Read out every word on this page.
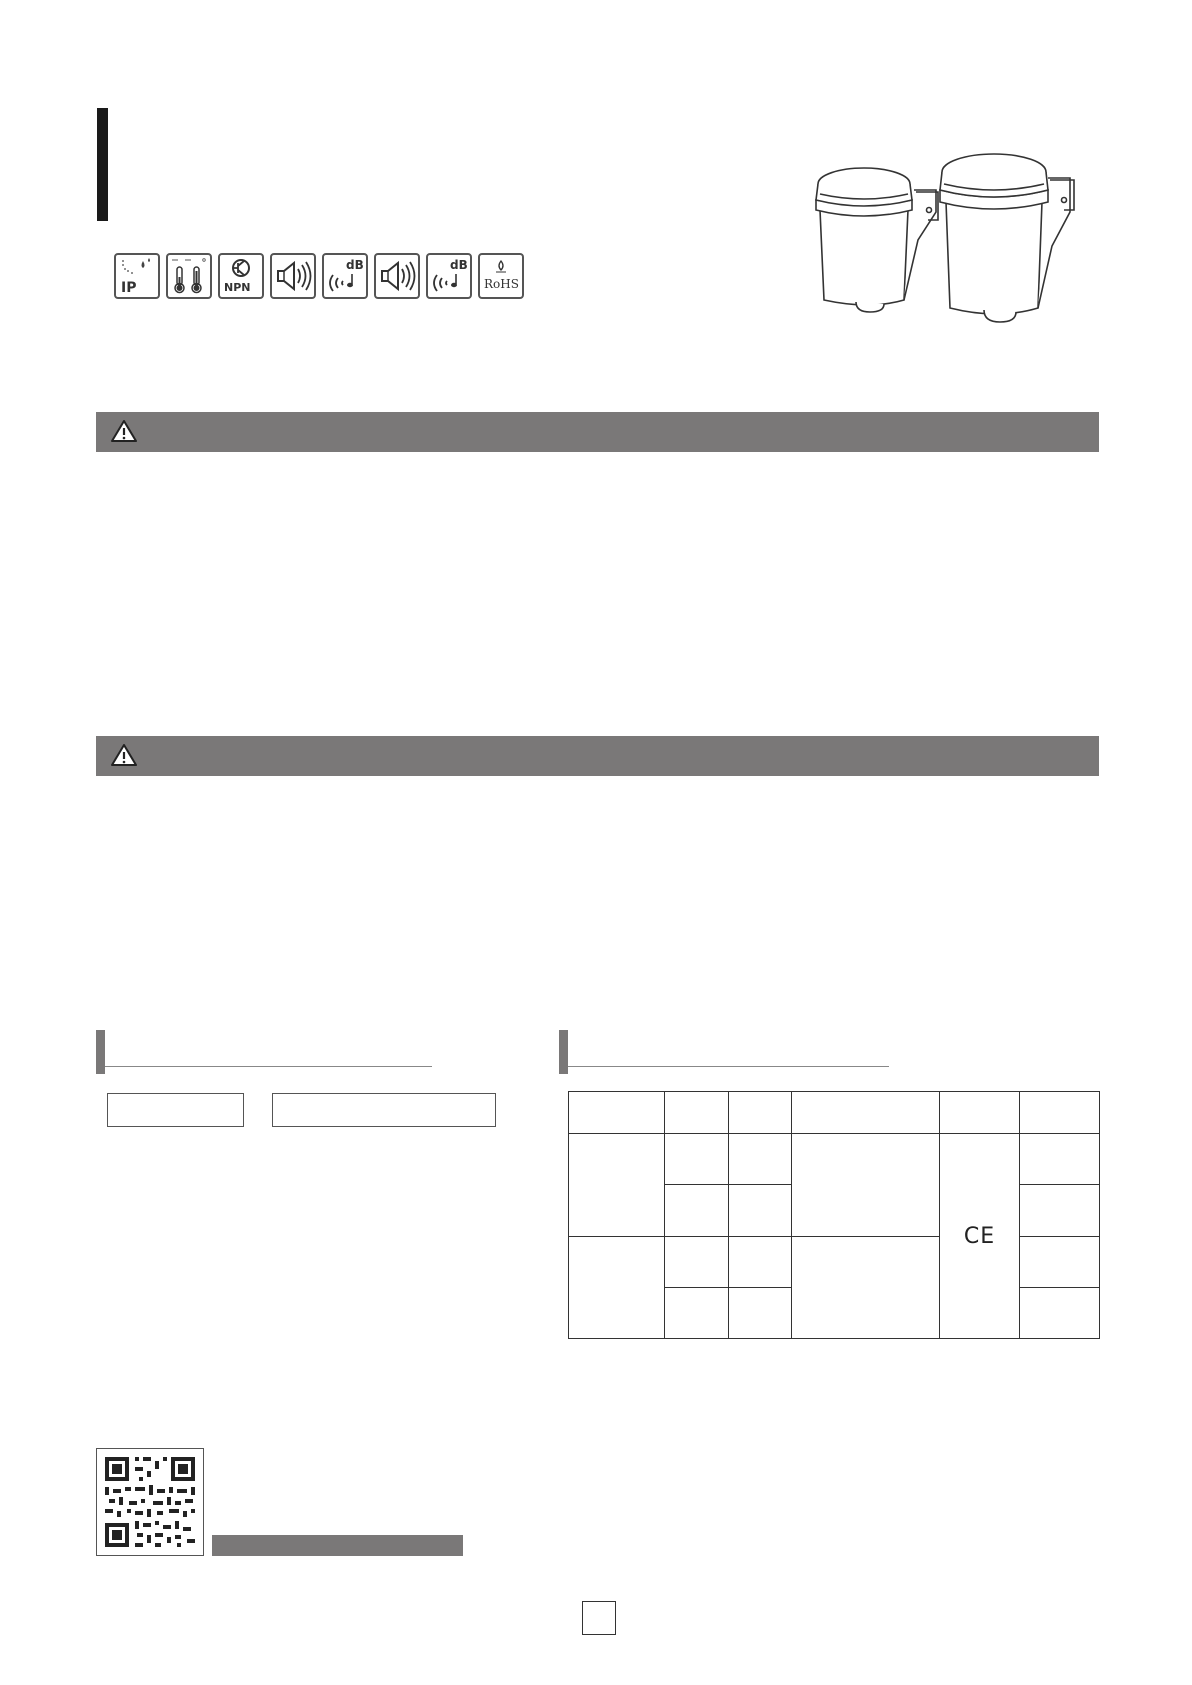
IP	NPN
dB	dB
RoHS

				CE	
